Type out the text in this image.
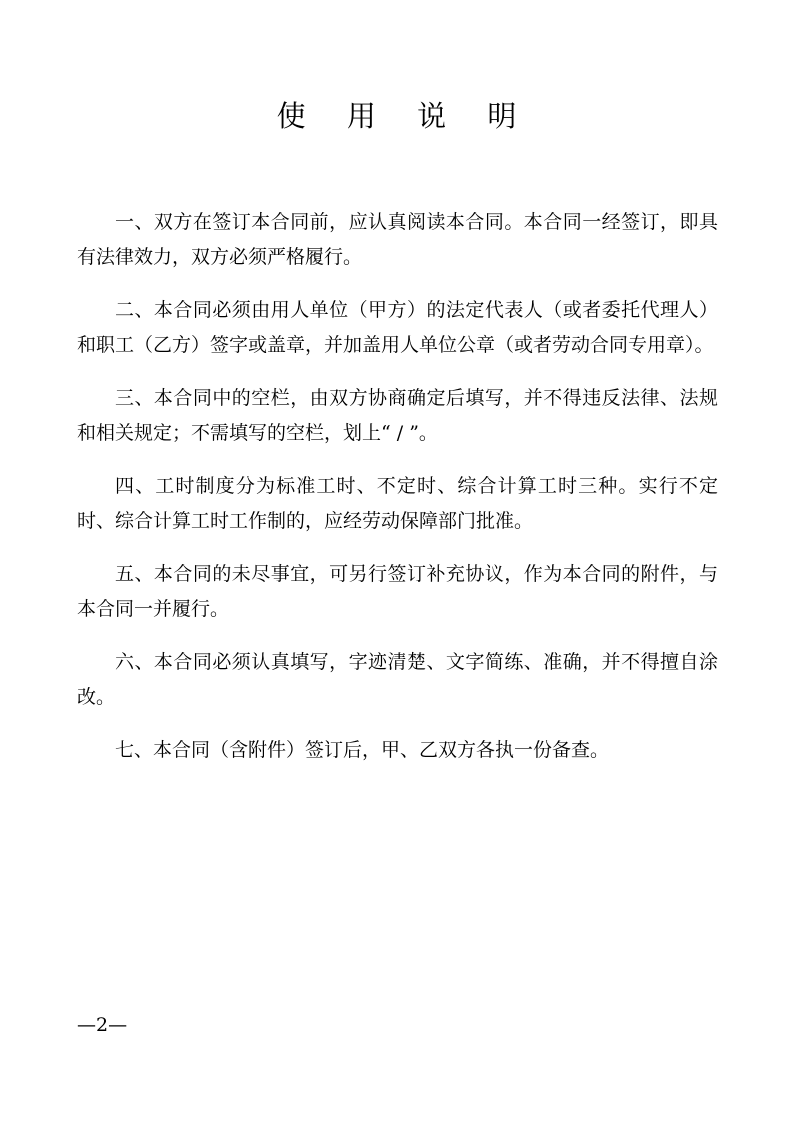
使 用 说 明

一、双方在签订本合同前，应认真阅读本合同。本合同一经签订，即具有法律效力，双方必须严格履行。

二、本合同必须由用人单位（甲方）的法定代表人（或者委托代理人）和职工（乙方）签字或盖章，并加盖用人单位公章（或者劳动合同专用章）。

三、本合同中的空栏，由双方协商确定后填写，并不得违反法律、法规和相关规定；不需填写的空栏，划上“ / ”。

四、工时制度分为标准工时、不定时、综合计算工时三种。实行不定时、综合计算工时工作制的，应经劳动保障部门批准。

五、本合同的未尽事宜，可另行签订补充协议，作为本合同的附件，与本合同一并履行。

六、本合同必须认真填写，字迹清楚、文字简练、准确，并不得擅自涂改。

七、本合同（含附件）签订后，甲、乙双方各执一份备查。

—2—
